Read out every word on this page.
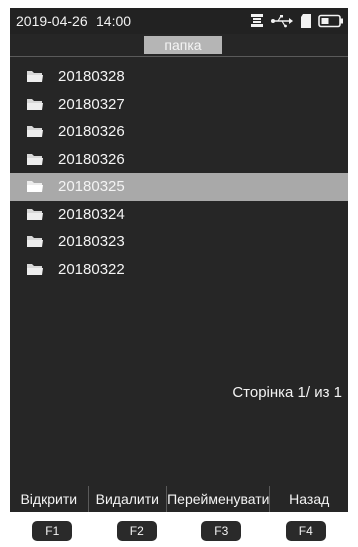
2019-04-26 14:00
папка
20180328
20180327
20180326
20180326
20180325
20180324
20180323
20180322
Сторінка 1/ из 1
Відкрити	Видалити Перейменувати	Назад
F1	F2	F3	F4
